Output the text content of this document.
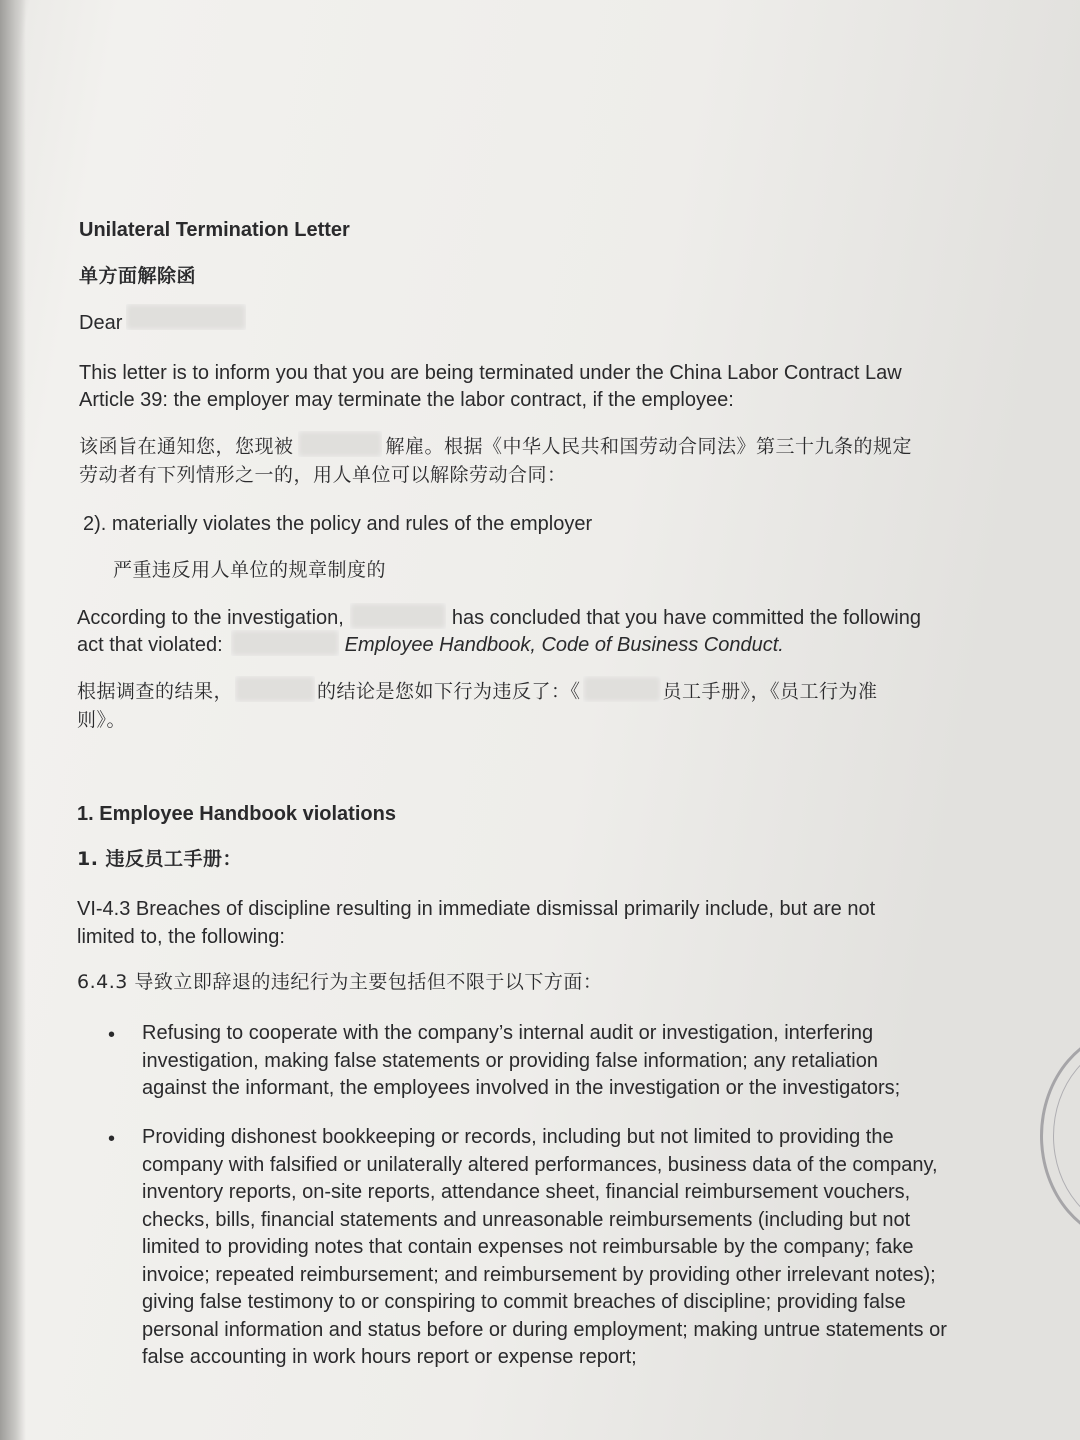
Unilateral Termination Letter
单方面解除函
Dear
This letter is to inform you that you are being terminated under the China Labor Contract Law
Article 39: the employer may terminate the labor contract, if the employee:
该函旨在通知您，您现被	解雇。根据《中华人民共和国劳动合同法》第三十九条的规定
劳动者有下列情形之一的，用人单位可以解除劳动合同：
2). materially violates the policy and rules of the employer
严重违反用人单位的规章制度的
According to the investigation,	has concluded that you have committed the following
act that violated:	Employee Handbook, Code of Business Conduct.
根据调查的结果，	的结论是您如下行为违反了：《	员工手册》，《员工行为准
则》。
1. Employee Handbook violations
1. 违反员工手册：
VI-4.3 Breaches of discipline resulting in immediate dismissal primarily include, but are not
limited to, the following:
6.4.3 导致立即辞退的违纪行为主要包括但不限于以下方面：
• Refusing to cooperate with the company’s internal audit or investigation, interfering investigation, making false statements or providing false information; any retaliation against the informant, the employees involved in the investigation or the investigators;
• Providing dishonest bookkeeping or records, including but not limited to providing the company with falsified or unilaterally altered performances, business data of the company, inventory reports, on-site reports, attendance sheet, financial reimbursement vouchers, checks, bills, financial statements and unreasonable reimbursements (including but not limited to providing notes that contain expenses not reimbursable by the company; fake invoice; repeated reimbursement; and reimbursement by providing other irrelevant notes); giving false testimony to or conspiring to commit breaches of discipline; providing false personal information and status before or during employment; making untrue statements or false accounting in work hours report or expense report;
